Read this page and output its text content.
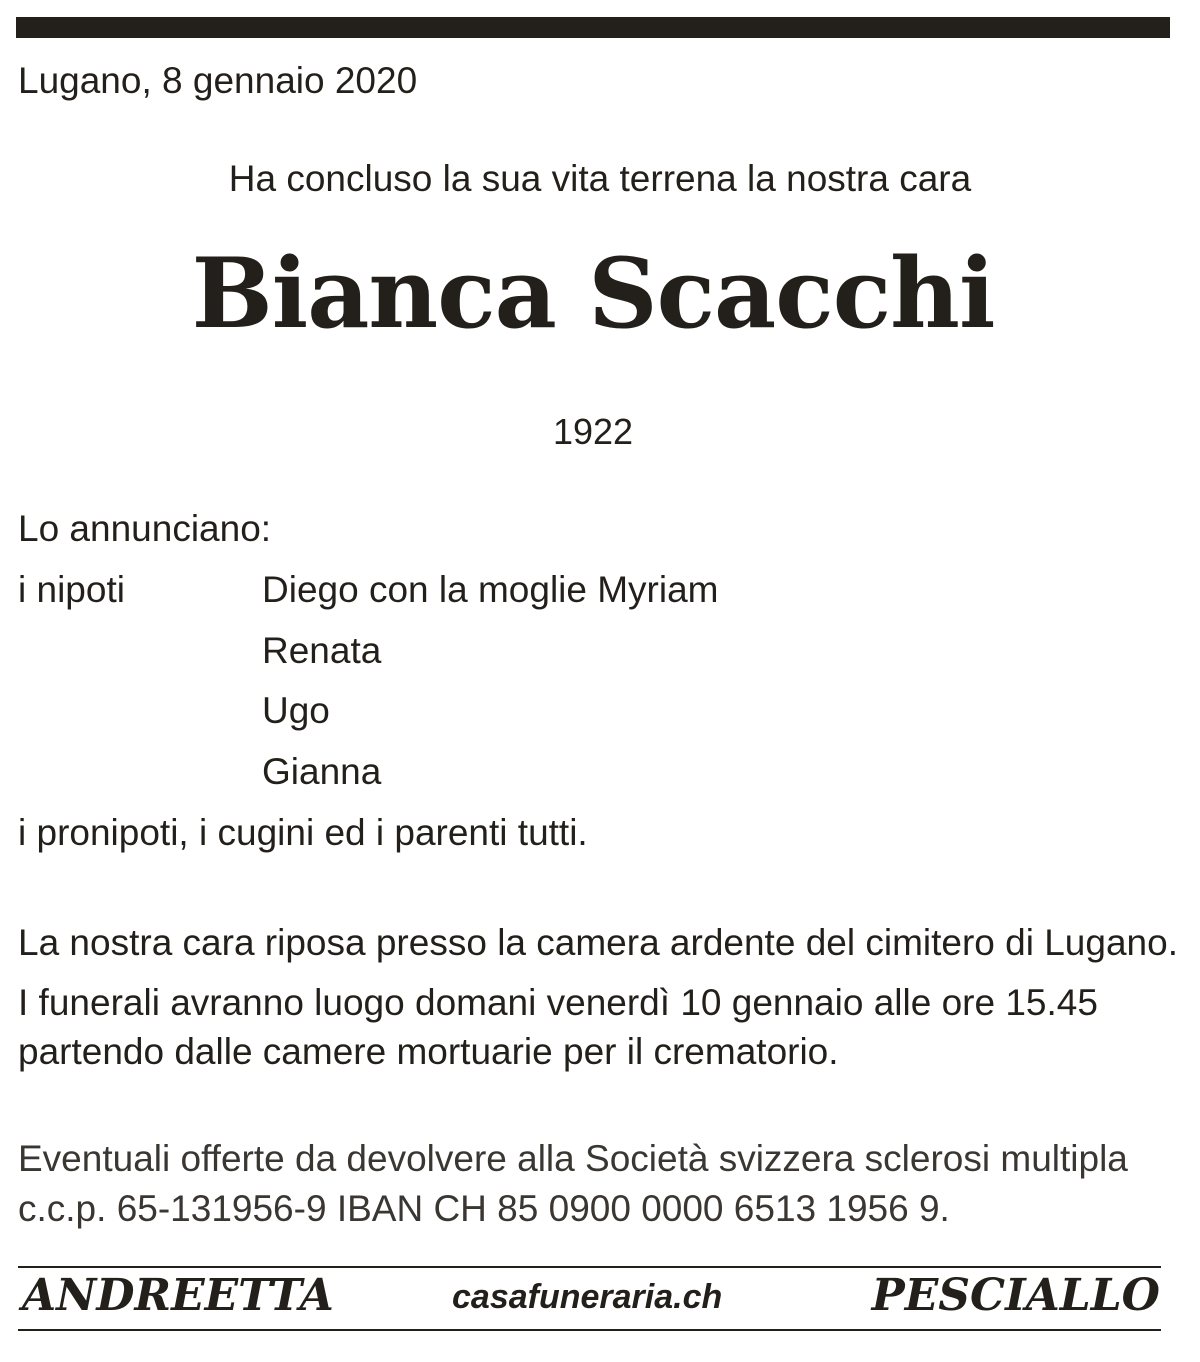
Lugano, 8 gennaio 2020
Ha concluso la sua vita terrena la nostra cara
Bianca Scacchi
1922
Lo annunciano:
i nipoti	Diego con la moglie Myriam
Renata
Ugo
Gianna
i pronipoti, i cugini ed i parenti tutti.
La nostra cara riposa presso la camera ardente del cimitero di Lugano.
I funerali avranno luogo domani venerdì 10 gennaio alle ore 15.45
partendo dalle camere mortuarie per il crematorio.
Eventuali offerte da devolvere alla Società svizzera sclerosi multipla
c.c.p. 65-131956-9 IBAN CH 85 0900 0000 6513 1956 9.
ANDREETTA	casafuneraria.ch	PESCIALLO
